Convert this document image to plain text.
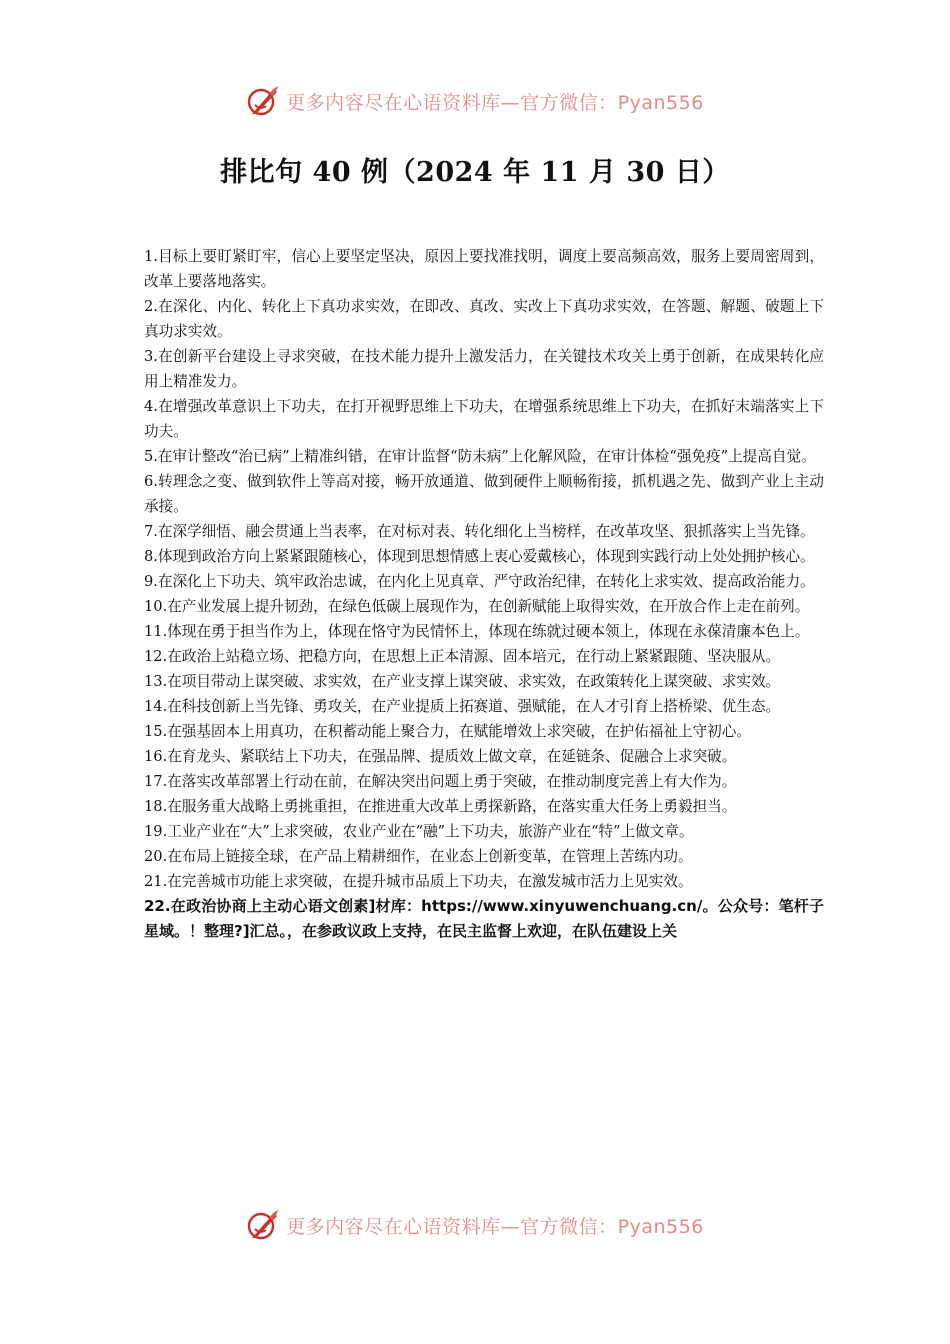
更多内容尽在心语资料库—官方微信：Pyan556
排比句 40 例（2024 年 11 月 30 日）

1.目标上要盯紧盯牢，信心上要坚定坚决，原因上要找准找明，调度上要高频高效，服务上要周密周到，改革上要落地落实。

2.在深化、内化、转化上下真功求实效，在即改、真改、实改上下真功求实效，在答题、解题、破题上下真功求实效。

3.在创新平台建设上寻求突破，在技术能力提升上激发活力，在关键技术攻关上勇于创新，在成果转化应用上精准发力。

4.在增强改革意识上下功夫，在打开视野思维上下功夫，在增强系统思维上下功夫，在抓好末端落实上下功夫。

5.在审计整改“治已病”上精准纠错，在审计监督“防未病”上化解风险，在审计体检“强免疫”上提高自觉。

6.转理念之变、做到软件上等高对接，畅开放通道、做到硬件上顺畅衔接，抓机遇之先、做到产业上主动承接。

7.在深学细悟、融会贯通上当表率，在对标对表、转化细化上当榜样，在改革攻坚、狠抓落实上当先锋。

8.体现到政治方向上紧紧跟随核心，体现到思想情感上衷心爱戴核心，体现到实践行动上处处拥护核心。

9.在深化上下功夫、筑牢政治忠诚，在内化上见真章、严守政治纪律，在转化上求实效、提高政治能力。

10.在产业发展上提升韧劲，在绿色低碳上展现作为，在创新赋能上取得实效，在开放合作上走在前列。

11.体现在勇于担当作为上，体现在恪守为民情怀上，体现在练就过硬本领上，体现在永葆清廉本色上。

12.在政治上站稳立场、把稳方向，在思想上正本清源、固本培元，在行动上紧紧跟随、坚决服从。

13.在项目带动上谋突破、求实效，在产业支撑上谋突破、求实效，在政策转化上谋突破、求实效。

14.在科技创新上当先锋、勇攻关，在产业提质上拓赛道、强赋能，在人才引育上搭桥梁、优生态。

15.在强基固本上用真功，在积蓄动能上聚合力，在赋能增效上求突破，在护佑福祉上守初心。

16.在育龙头、紧联结上下功夫，在强品牌、提质效上做文章，在延链条、促融合上求突破。

17.在落实改革部署上行动在前，在解决突出问题上勇于突破，在推动制度完善上有大作为。

18.在服务重大战略上勇挑重担，在推进重大改革上勇探新路，在落实重大任务上勇毅担当。

19.工业产业在“大”上求突破，农业产业在“融”上下功夫，旅游产业在“特”上做文章。

20.在布局上链接全球，在产品上精耕细作，在业态上创新变革，在管理上苦练内功。

21.在完善城市功能上求突破，在提升城市品质上下功夫，在激发城市活力上见实效。

22.在政治协商上主动心语文创素]材库：https://www.xinyuwenchuang.cn/。公众号：笔杆子星域。！整理?]汇总。，在参政议政上支持，在民主监督上欢迎，在队伍建设上关

更多内容尽在心语资料库—官方微信：Pyan556
